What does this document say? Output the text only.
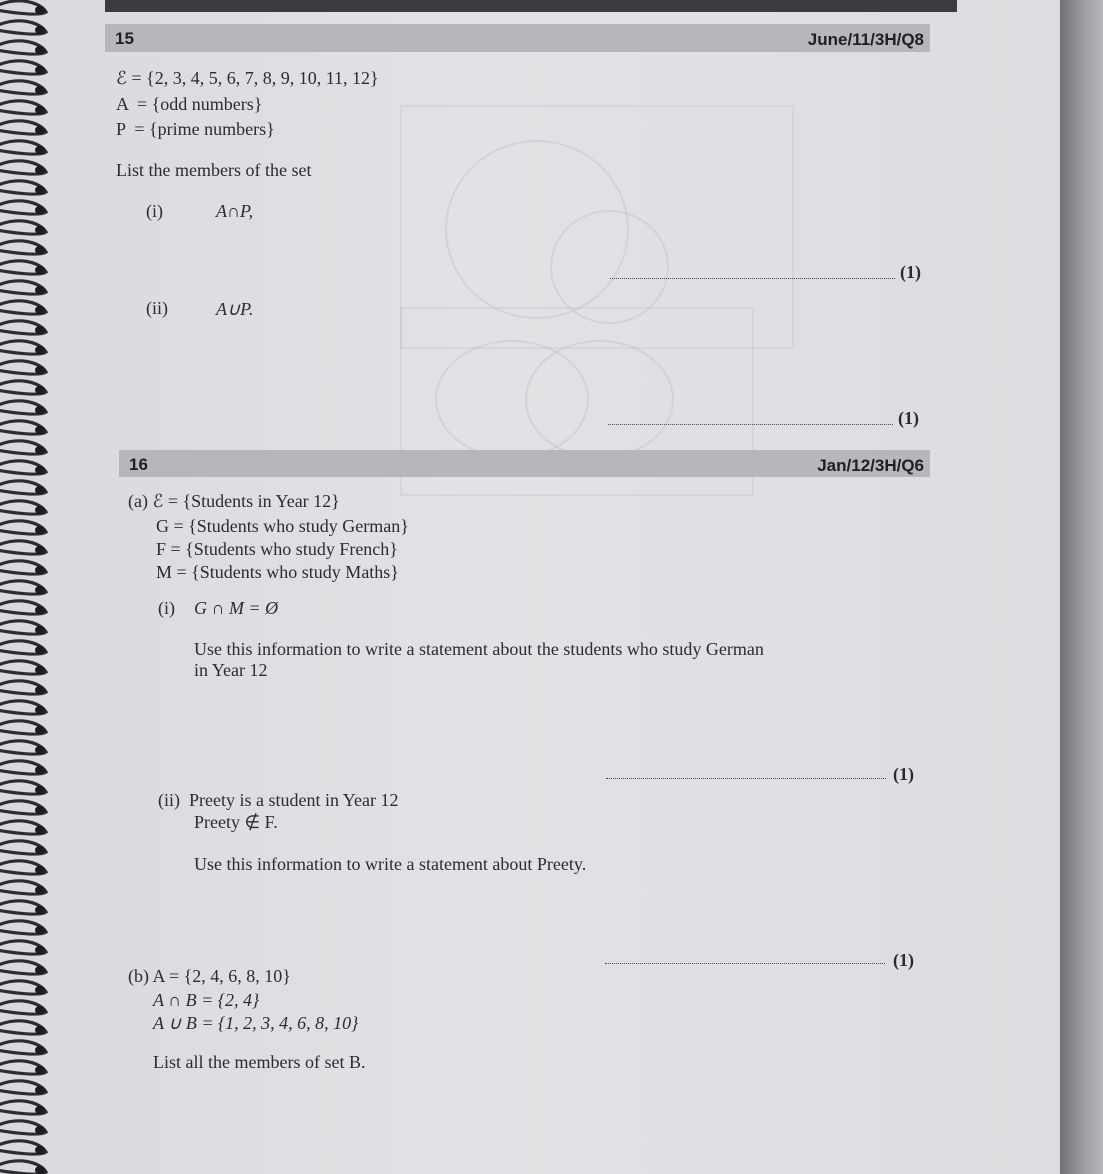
15	June/11/3H/Q8
ℰ = {2, 3, 4, 5, 6, 7, 8, 9, 10, 11, 12}
A  = {odd numbers}
P  = {prime numbers}
List the members of the set
(i)	A∩P,
(1)
(ii)	A∪P.
(1)
16	Jan/12/3H/Q6
(a) ℰ = {Students in Year 12}
G = {Students who study German}
F = {Students who study French}
M = {Students who study Maths}
(i) G ∩ M = Ø
Use this information to write a statement about the students who study German
in Year 12
(1)
(ii)  Preety is a student in Year 12
Preety ∉ F.
Use this information to write a statement about Preety.
(1)
(b) A = {2, 4, 6, 8, 10}
A ∩ B = {2, 4}
A ∪ B = {1, 2, 3, 4, 6, 8, 10}
List all the members of set B.
